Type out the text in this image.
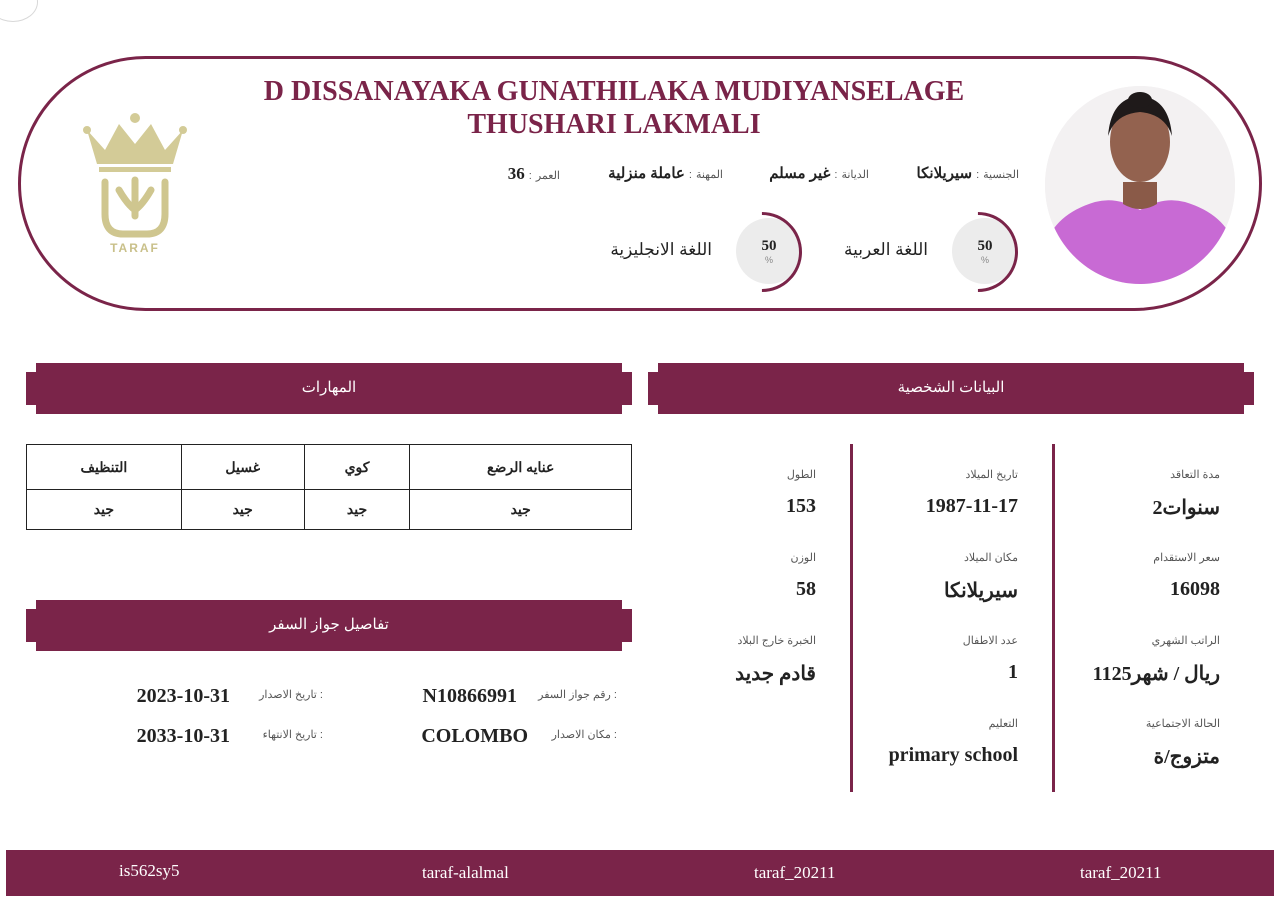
TARAF
D DISSANAYAKA GUNATHILAKA MUDIYANSELAGE
THUSHARI LAKMALI
الجنسية
:
سيريلانكا
الديانة
:
غير مسلم
المهنة
:
عاملة منزلية
العمر
:
36
اللغة العربية	50
%
اللغة الانجليزية	50
%
المهارات
عنايه الرضع	كوي	غسيل	التنظيف
جيد	جيد	جيد	جيد
تفاصيل جواز السفر
رقم جواز السفر :
N10866991
تاريخ الاصدار :
2023-10-31
مكان الاصدار :
COLOMBO
تاريخ الانتهاء :
2033-10-31
البيانات الشخصية
مدة التعاقد
2سنوات
سعر الاستقدام
16098
الراتب الشهري
1125ريال / شهر
الحالة الاجتماعية
متزوج/ة
تاريخ الميلاد
1987-11-17
مكان الميلاد
سيريلانكا
عدد الاطفال
1
التعليم
primary school
الطول
153
الوزن
58
الخبرة خارج البلاد
قادم جديد
is562sy5	taraf-alalmal	taraf_20211	taraf_20211
